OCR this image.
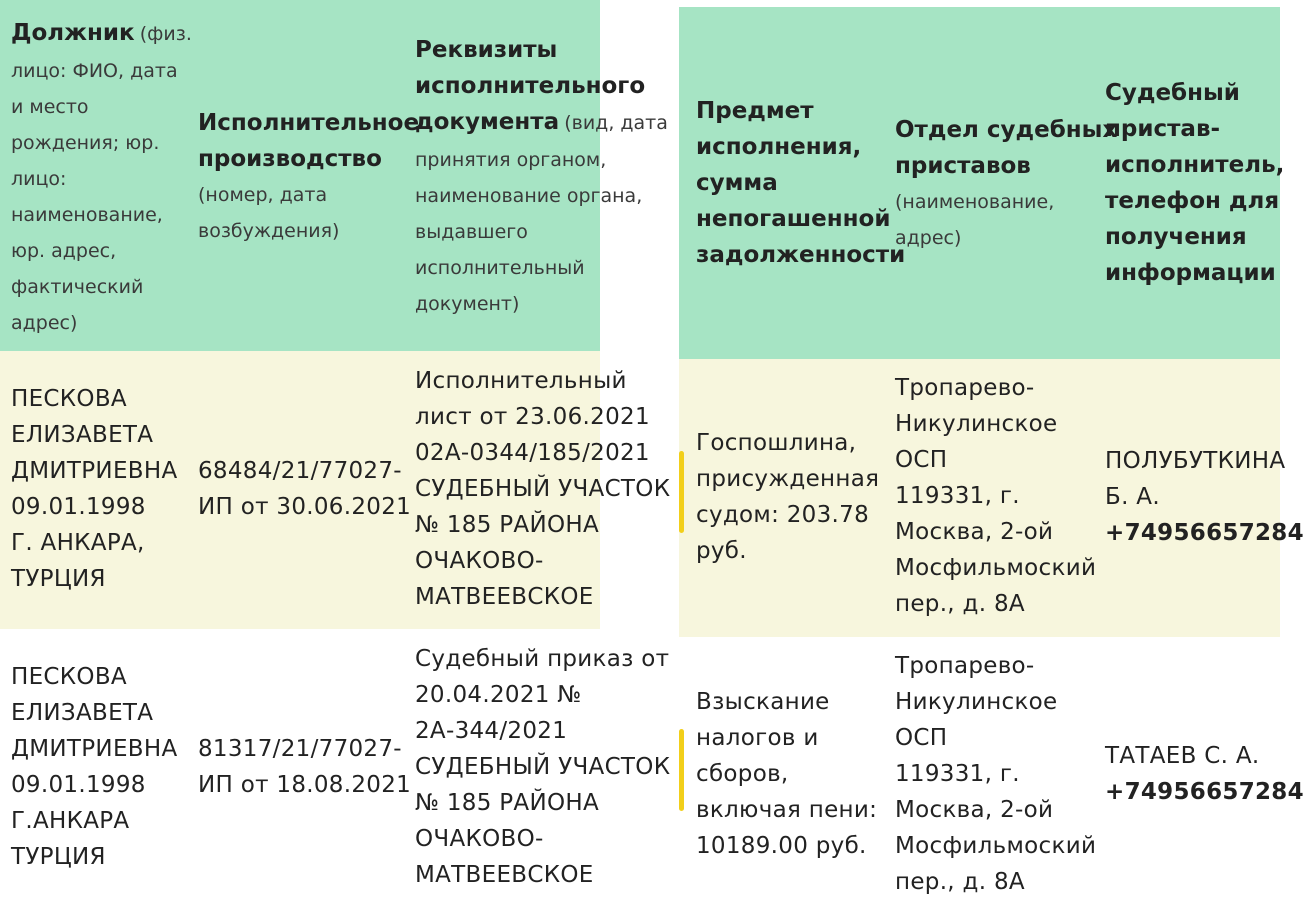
Должник (физ.
лицо: ФИО, дата
и место
рождения; юр.
лицо:
наименование,
юр. адрес,
фактический
адрес)
Исполнительное
производство
(номер, дата
возбуждения)
Реквизиты
исполнительного
документа (вид, дата
принятия органом,
наименование органа,
выдавшего
исполнительный
документ)
ПЕСКОВА
ЕЛИЗАВЕТА
ДМИТРИЕВНА
09.01.1998
Г. АНКАРА,
ТУРЦИЯ
68484/21/77027-
ИП от 30.06.2021
Исполнительный
лист от 23.06.2021
02А-0344/185/2021
СУДЕБНЫЙ УЧАСТОК
№ 185 РАЙОНА
ОЧАКОВО-
МАТВЕЕВСКОЕ
ПЕСКОВА
ЕЛИЗАВЕТА
ДМИТРИЕВНА
09.01.1998
Г.АНКАРА
ТУРЦИЯ
81317/21/77027-
ИП от 18.08.2021
Судебный приказ от
20.04.2021 №
2А-344/2021
СУДЕБНЫЙ УЧАСТОК
№ 185 РАЙОНА
ОЧАКОВО-
МАТВЕЕВСКОЕ
Предмет
исполнения,
сумма
непогашенной
задолженности
Отдел судебных
приставов
(наименование,
адрес)
Судебный
пристав-
исполнитель,
телефон для
получения
информации
Госпошлина,
присужденная
судом: 203.78
руб.
Тропарево-
Никулинское
ОСП
119331, г.
Москва, 2-ой
Мосфильмоский
пер., д. 8А
ПОЛУБУТКИНА
Б. А.
+74956657284
Взыскание
налогов и
сборов,
включая пени:
10189.00 руб.
Тропарево-
Никулинское
ОСП
119331, г.
Москва, 2-ой
Мосфильмоский
пер., д. 8А
ТАТАЕВ С. А.
+74956657284
